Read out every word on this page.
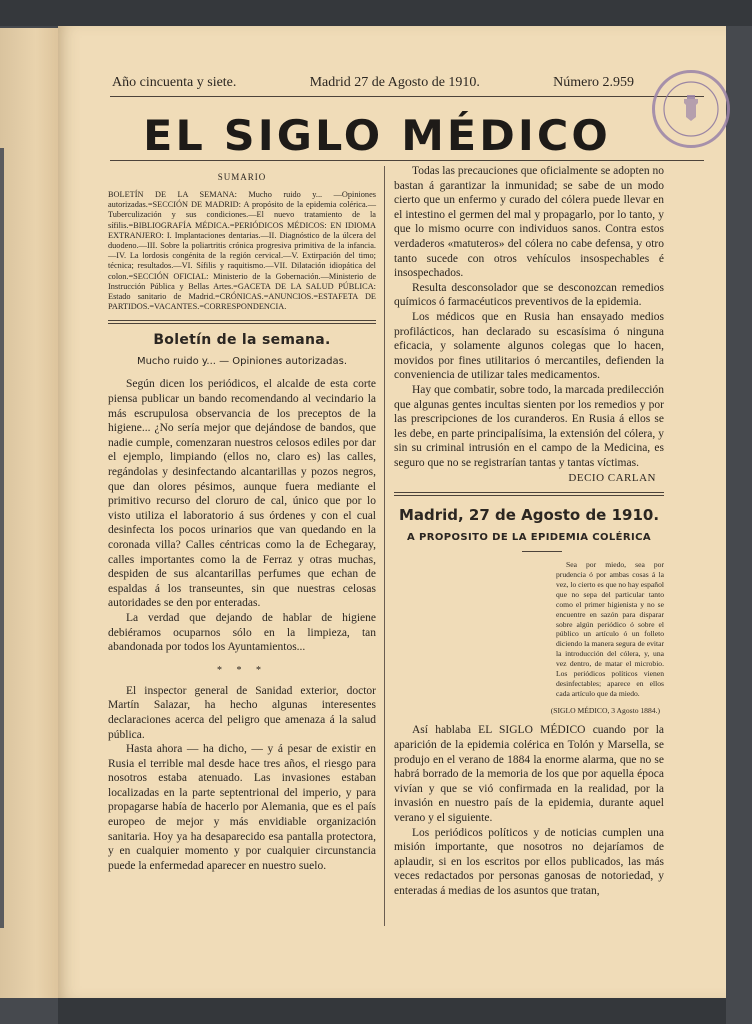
Año cincuenta y siete.	Madrid 27 de Agosto de 1910.	Número 2.959
EL SIGLO MÉDICO
SUMARIO

BOLETÍN DE LA SEMANA: Mucho ruido y... —Opiniones autorizadas.=SECCIÓN DE MADRID: A propósito de la epidemia colérica.—Tuberculización y sus condiciones.—El nuevo tratamiento de la sífilis.=BIBLIOGRAFÍA MÉDICA.=PERIÓDICOS MÉDICOS: EN IDIOMA EXTRANJERO: I. Implantaciones dentarias.—II. Diagnóstico de la úlcera del duodeno.—III. Sobre la poliartritis crónica progresiva primitiva de la infancia.—IV. La lordosis congénita de la región cervical.—V. Extirpación del timo; técnica; resultados.—VI. Sífilis y raquitismo.—VII. Dilatación idiopática del colon.=SECCIÓN OFICIAL: Ministerio de la Gobernación.—Ministerio de Instrucción Pública y Bellas Artes.=GACETA DE LA SALUD PÚBLICA: Estado sanitario de Madrid.=CRÓNICAS.=ANUNCIOS.=ESTAFETA DE PARTIDOS.=VACANTES.=CORRESPONDENCIA.

Boletín de la semana.
Mucho ruido y... — Opiniones autorizadas.

Según dicen los periódicos, el alcalde de esta corte piensa publicar un bando recomendando al vecindario la más escrupulosa observancia de los preceptos de la higiene... ¿No sería mejor que dejándose de bandos, que nadie cumple, comenzaran nuestros celosos ediles por dar el ejemplo, limpiando (ellos no, claro es) las calles, regándolas y desinfectando alcantarillas y pozos negros, que dan olores pésimos, aunque fuera mediante el primitivo recurso del cloruro de cal, único que por lo visto utiliza el laboratorio á sus órdenes y con el cual desinfecta los pocos urinarios que van quedando en la coronada villa? Calles céntricas como la de Echegaray, calles importantes como la de Ferraz y otras muchas, despiden de sus alcantarillas perfumes que echan de espaldas á los transeuntes, sin que nuestras celosas autoridades se den por enteradas.

La verdad que dejando de hablar de higiene debiéramos ocuparnos sólo en la limpieza, tan abandonada por todos los Ayuntamientos...

* * *

El inspector general de Sanidad exterior, doctor Martín Salazar, ha hecho algunas interesentes declaraciones acerca del peligro que amenaza á la salud pública.

Hasta ahora — ha dicho, — y á pesar de existir en Rusia el terrible mal desde hace tres años, el riesgo para nosotros estaba atenuado. Las invasiones estaban localizadas en la parte septentrional del imperio, y para propagarse había de hacerlo por Alemania, que es el país europeo de mejor y más envidiable organización sanitaria. Hoy ya ha desaparecido esa pantalla protectora, y en cualquier momento y por cualquier circunstancia puede la enfermedad aparecer en nuestro suelo.

Todas las precauciones que oficialmente se adopten no bastan á garantizar la inmunidad; se sabe de un modo cierto que un enfermo y curado del cólera puede llevar en el intestino el germen del mal y propagarlo, por lo tanto, y que lo mismo ocurre con individuos sanos. Contra estos verdaderos «matuteros» del cólera no cabe defensa, y otro tanto sucede con otros vehículos insospechables é insospechados.

Resulta desconsolador que se desconozcan remedios químicos ó farmacéuticos preventivos de la epidemia.

Los médicos que en Rusia han ensayado medios profilácticos, han declarado su escasísima ó ninguna eficacia, y solamente algunos colegas que lo hacen, movidos por fines utilitarios ó mercantiles, defienden la conveniencia de utilizar tales medicamentos.

Hay que combatir, sobre todo, la marcada predilección que algunas gentes incultas sienten por los remedios y por las prescripciones de los curanderos. En Rusia á ellos se les debe, en parte principalísima, la extensión del cólera, y sin su criminal intrusión en el campo de la Medicina, es seguro que no se registrarían tantas y tantas víctimas.

DECIO CARLAN
Madrid, 27 de Agosto de 1910.
A PROPOSITO DE LA EPIDEMIA COLÉRICA

Sea por miedo, sea por prudencia ó por ambas cosas á la vez, lo cierto es que no hay español que no sepa del particular tanto como el primer higienista y no se encuentre en sazón para disparar sobre algún periódico ó sobre el público un artículo ó un folleto diciendo la manera segura de evitar la introducción del cólera, y, una vez dentro, de matar el microbio. Los periódicos políticos vienen desinfectables; aparece en ellos cada artículo que da miedo.

(SIGLO MÉDICO, 3 Agosto 1884.)

Así hablaba EL SIGLO MÉDICO cuando por la aparición de la epidemia colérica en Tolón y Marsella, se produjo en el verano de 1884 la enorme alarma, que no se habrá borrado de la memoria de los que por aquella época vivían y que se vió confirmada en la realidad, por la invasión en nuestro país de la epidemia, durante aquel verano y el siguiente.

Los periódicos políticos y de noticias cumplen una misión importante, que nosotros no dejaríamos de aplaudir, si en los escritos por ellos publicados, las más veces redactados por personas ganosas de notoriedad, y enteradas á medias de los asuntos que tratan,
